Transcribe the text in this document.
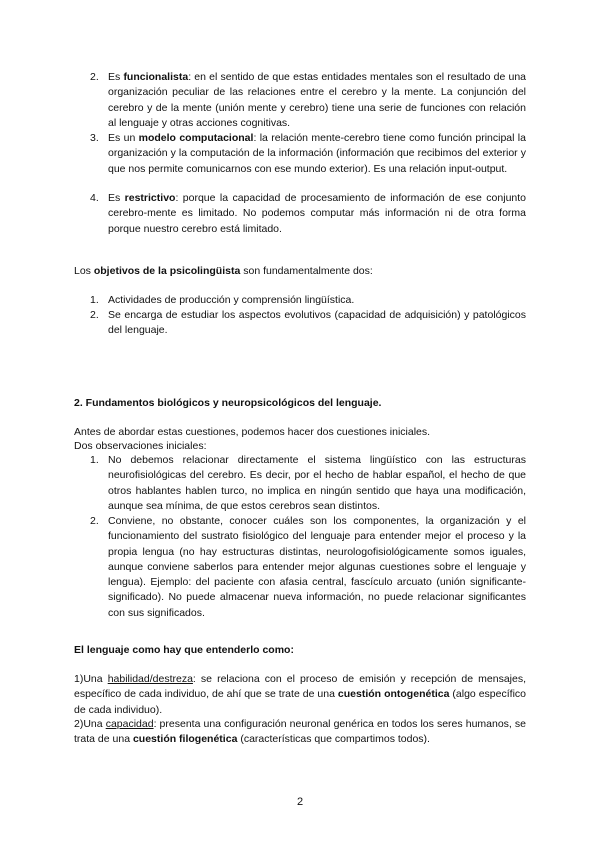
2. Es funcionalista: en el sentido de que estas entidades mentales son el resultado de una organización peculiar de las relaciones entre el cerebro y la mente. La conjunción del cerebro y de la mente (unión mente y cerebro) tiene una serie de funciones con relación al lenguaje y otras acciones cognitivas.
3. Es un modelo computacional: la relación mente-cerebro tiene como función principal la organización y la computación de la información (información que recibimos del exterior y que nos permite comunicarnos con ese mundo exterior). Es una relación input-output.
4. Es restrictivo: porque la capacidad de procesamiento de información de ese conjunto cerebro-mente es limitado. No podemos computar más información ni de otra forma porque nuestro cerebro está limitado.

Los objetivos de la psicolingüista son fundamentalmente dos:

1. Actividades de producción y comprensión lingüística.
2. Se encarga de estudiar los aspectos evolutivos (capacidad de adquisición) y patológicos del lenguaje.

2. Fundamentos biológicos y neuropsicológicos del lenguaje.

Antes de abordar estas cuestiones, podemos hacer dos cuestiones iniciales.

Dos observaciones iniciales:

1. No debemos relacionar directamente el sistema lingüístico con las estructuras neurofisiológicas del cerebro. Es decir, por el hecho de hablar español, el hecho de que otros hablantes hablen turco, no implica en ningún sentido que haya una modificación, aunque sea mínima, de que estos cerebros sean distintos.
2. Conviene, no obstante, conocer cuáles son los componentes, la organización y el funcionamiento del sustrato fisiológico del lenguaje para entender mejor el proceso y la propia lengua (no hay estructuras distintas, neurologofisiológicamente somos iguales, aunque conviene saberlos para entender mejor algunas cuestiones sobre el lenguaje y lengua). Ejemplo: del paciente con afasia central, fascículo arcuato (unión significante-significado). No puede almacenar nueva información, no puede relacionar significantes con sus significados.

El lenguaje como hay que entenderlo como:

1)Una habilidad/destreza: se relaciona con el proceso de emisión y recepción de mensajes, específico de cada individuo, de ahí que se trate de una cuestión ontogenética (algo específico de cada individuo).

2)Una capacidad: presenta una configuración neuronal genérica en todos los seres humanos, se trata de una cuestión filogenética (características que compartimos todos).

2
